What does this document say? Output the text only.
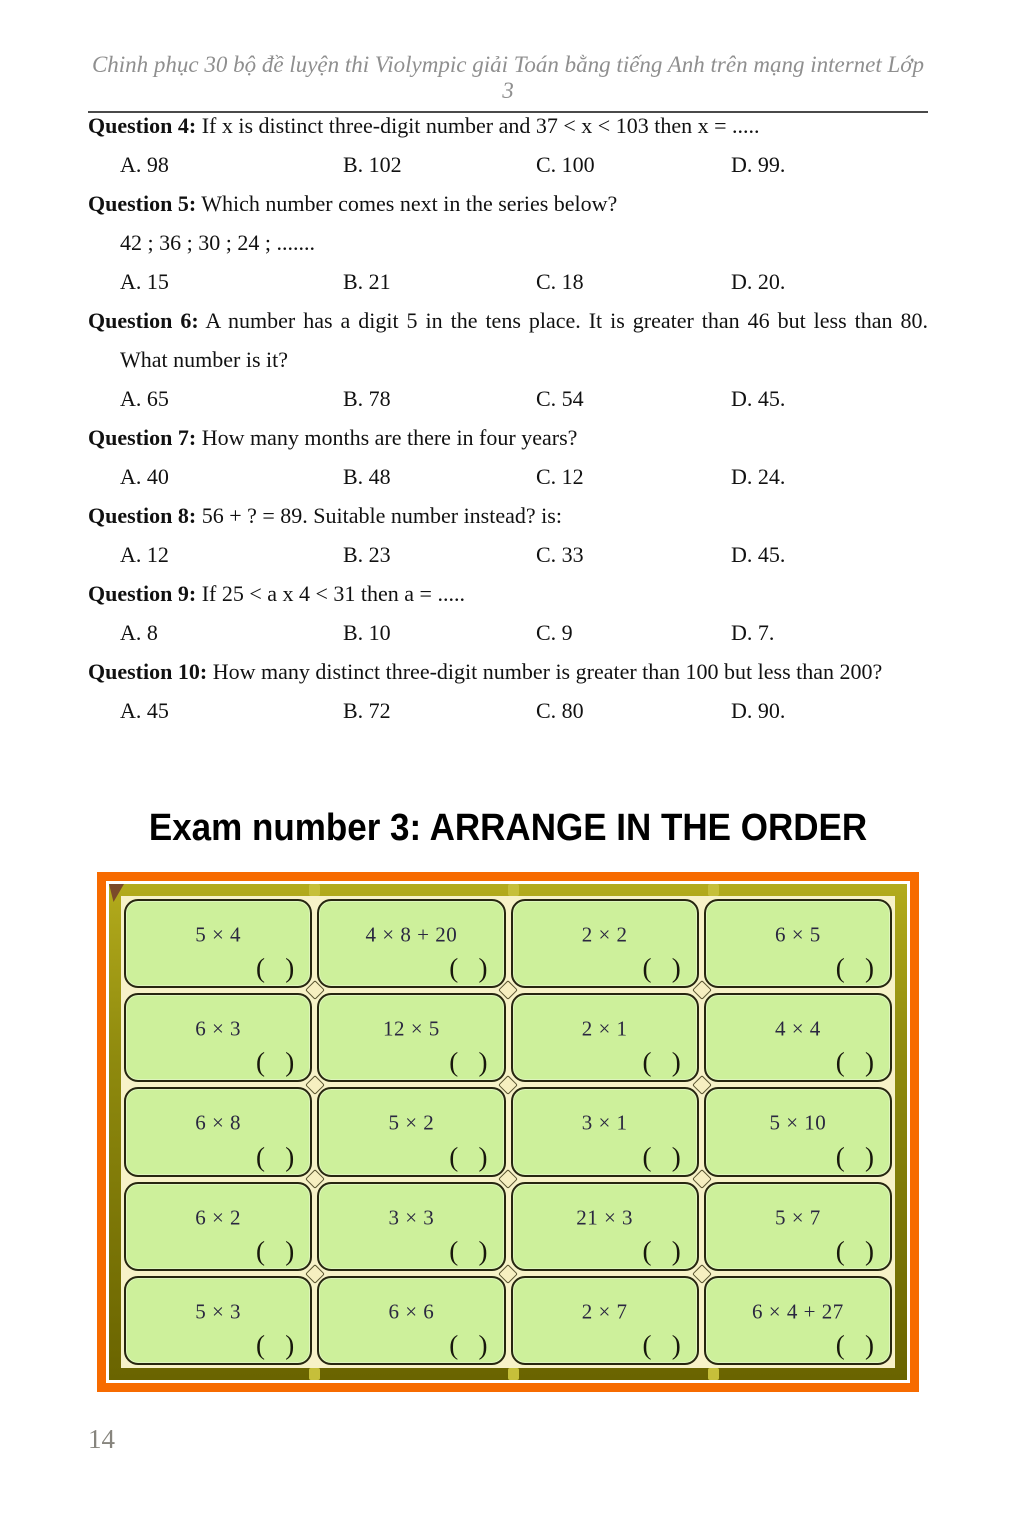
Chinh phục 30 bộ đề luyện thi Violympic giải Toán bằng tiếng Anh trên mạng internet Lớp 3
Question 4: If x is distinct three-digit number and 37 < x < 103 then x = .....
A. 98	B. 102	C. 100	D. 99.
Question 5: Which number comes next in the series below?
42 ; 36 ; 30 ; 24 ; .......
A. 15	B. 21	C. 18	D. 20.
Question 6: A number has a digit 5 in the tens place. It is greater than 46 but less than 80. What number is it?
A. 65	B. 78	C. 54	D. 45.
Question 7: How many months are there in four years?
A. 40	B. 48	C. 12	D. 24.
Question 8: 56 + ? = 89. Suitable number instead? is:
A. 12	B. 23	C. 33	D. 45.
Question 9: If 25 < a x 4 < 31 then a = .....
A. 8	B. 10	C. 9	D. 7.
Question 10: How many distinct three-digit number is greater than 100 but less than 200?
A. 45	B. 72	C. 80	D. 90.
Exam number 3: ARRANGE IN THE ORDER
5 × 4
(   )
4 × 8 + 20
(   )
2 × 2
(   )
6 × 5
(   )
6 × 3
(   )
12 × 5
(   )
2 × 1
(   )
4 × 4
(   )
6 × 8
(   )
5 × 2
(   )
3 × 1
(   )
5 × 10
(   )
6 × 2
(   )
3 × 3
(   )
21 × 3
(   )
5 × 7
(   )
5 × 3
(   )
6 × 6
(   )
2 × 7
(   )
6 × 4 + 27
(   )
14
